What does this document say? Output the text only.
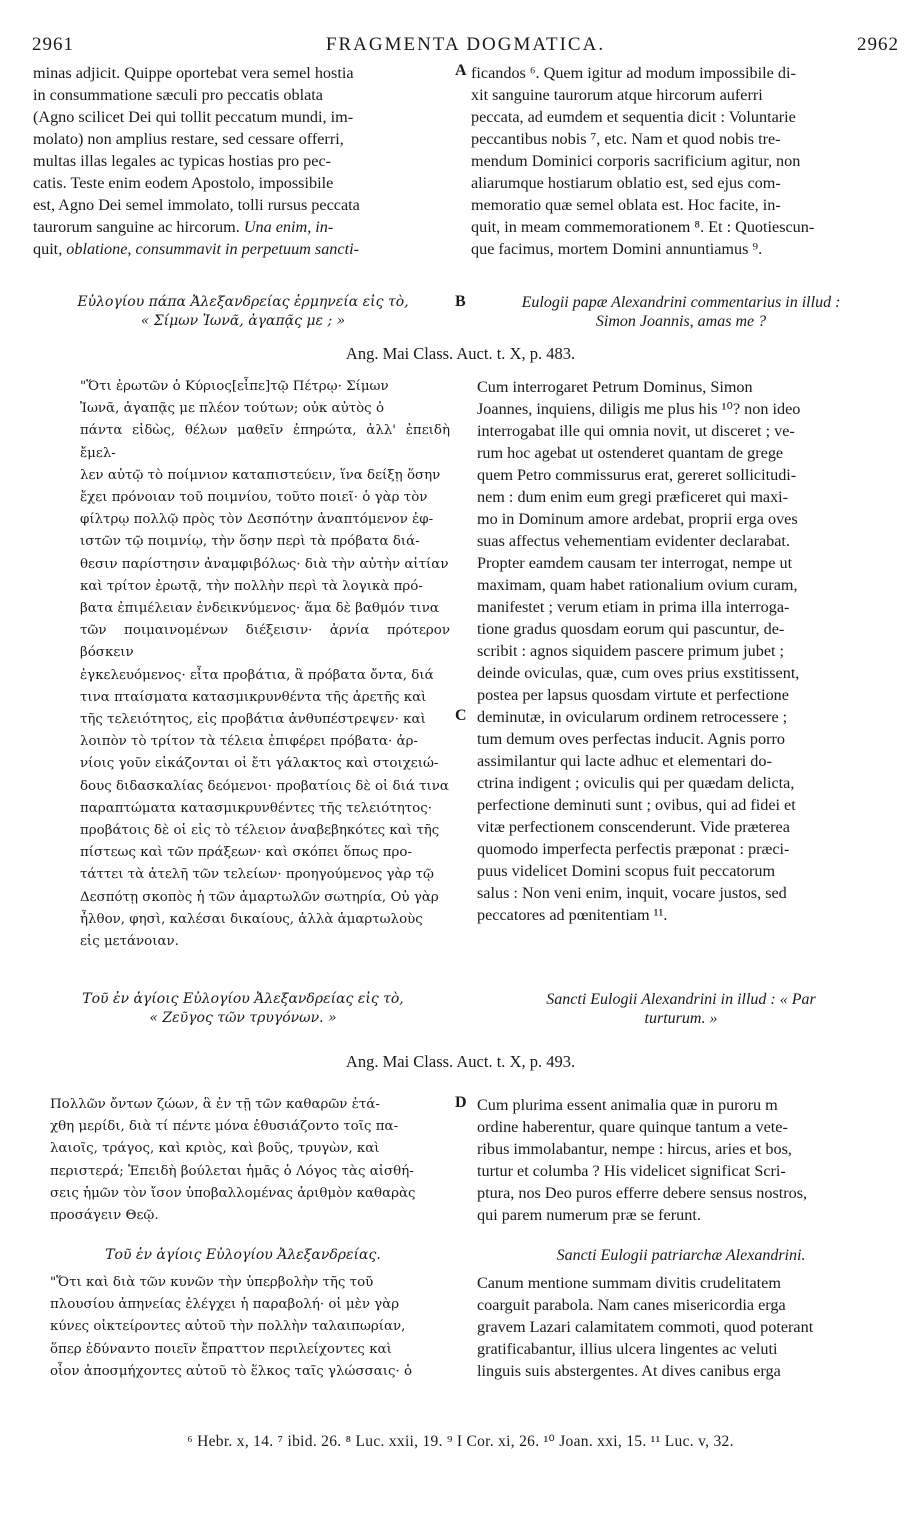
2961	FRAGMENTA DOGMATICA.	2962

minas adjicit. Quippe oportebat vera semel hostia

in consummatione sæculi pro peccatis oblata

(Agno scilicet Dei qui tollit peccatum mundi, im-

molato) non amplius restare, sed cessare offerri,

multas illas legales ac typicas hostias pro pec-

catis. Teste enim eodem Apostolo, impossibile

est, Agno Dei semel immolato, tolli rursus peccata

taurorum sanguine ac hircorum. Una enim, in-

quit, oblatione, consummavit in perpetuum sancti-

A ficandos ⁶. Quem igitur ad modum impossibile di-

xit sanguine taurorum atque hircorum auferri

peccata, ad eumdem et sequentia dicit : Voluntarie

peccantibus nobis ⁷, etc. Nam et quod nobis tre-

mendum Dominici corporis sacrificium agitur, non

aliarumque hostiarum oblatio est, sed ejus com-

memoratio quæ semel oblata est. Hoc facite, in-

quit, in meam commemorationem ⁸. Et : Quotiescun-

que facimus, mortem Domini annuntiamus ⁹.

Εὐλογίου πάπα Ἀλεξανδρείας ἑρμηνεία εἰς τὸ,
« Σίμων Ἰωνᾶ, ἀγαπᾷς με ; »
B	Eulogii papæ Alexandrini commentarius in illud :
Simon Joannis, amas me ?
Ang. Mai Class. Auct. t. X, p. 483.

"Ὅτι ἐρωτῶν ὁ Κύριος[εἶπε]τῷ Πέτρῳ· Σίμων

Ἰωνᾶ, ἀγαπᾷς με πλέον τούτων; οὐκ αὐτὸς ὁ

πάντα εἰδὼς, θέλων μαθεῖν ἐπηρώτα, ἀλλ' ἐπειδὴ ἔμελ-

λεν αὐτῷ τὸ ποίμνιον καταπιστεύειν, ἵνα δείξῃ ὅσην

ἔχει πρόνοιαν τοῦ ποιμνίου, τοῦτο ποιεῖ· ὁ γὰρ τὸν

φίλτρῳ πολλῷ πρὸς τὸν Δεσπότην ἀναπτόμενον ἐφ-

ιστῶν τῷ ποιμνίῳ, τὴν ὅσην περὶ τὰ πρόβατα διά-

θεσιν παρίστησιν ἀναμφιβόλως· διὰ τὴν αὐτὴν αἰτίαν

καὶ τρίτον ἐρωτᾷ, τὴν πολλὴν περὶ τὰ λογικὰ πρό-

βατα ἐπιμέλειαν ἐνδεικνύμενος· ἅμα δὲ βαθμόν τινα

τῶν ποιμαινομένων διέξεισιν· ἀρνία πρότερον βόσκειν

ἐγκελευόμενος· εἶτα προβάτια, ἃ πρόβατα ὄντα, διά

τινα πταίσματα κατασμικρυνθέντα τῆς ἀρετῆς καὶ

τῆς τελειότητος, εἰς προβάτια ἀνθυπέστρεψεν· καὶ

λοιπὸν τὸ τρίτον τὰ τέλεια ἐπιφέρει πρόβατα· ἀρ-

νίοις γοῦν εἰκάζονται οἱ ἔτι γάλακτος καὶ στοιχειώ-

δους διδασκαλίας δεόμενοι· προβατίοις δὲ οἱ διά τινα

παραπτώματα κατασμικρυνθέντες τῆς τελειότητος·

προβάτοις δὲ οἱ εἰς τὸ τέλειον ἀναβεβηκότες καὶ τῆς

πίστεως καὶ τῶν πράξεων· καὶ σκόπει ὅπως προ-

τάττει τὰ ἀτελῆ τῶν τελείων· προηγούμενος γὰρ τῷ

Δεσπότῃ σκοπὸς ἡ τῶν ἁμαρτωλῶν σωτηρία, Οὐ γὰρ

ἦλθον, φησὶ, καλέσαι δικαίους, ἀλλὰ ἁμαρτωλοὺς

εἰς μετάνοιαν.

C

Cum interrogaret Petrum Dominus, Simon

Joannes, inquiens, diligis me plus his ¹⁰? non ideo

interrogabat ille qui omnia novit, ut disceret ; ve-

rum hoc agebat ut ostenderet quantam de grege

quem Petro commissurus erat, gereret sollicitudi-

nem : dum enim eum gregi præficeret qui maxi-

mo in Dominum amore ardebat, proprii erga oves

suas affectus vehementiam evidenter declarabat.

Propter eamdem causam ter interrogat, nempe ut

maximam, quam habet rationalium ovium curam,

manifestet ; verum etiam in prima illa interroga-

tione gradus quosdam eorum qui pascuntur, de-

scribit : agnos siquidem pascere primum jubet ;

deinde oviculas, quæ, cum oves prius exstitissent,

postea per lapsus quosdam virtute et perfectione

deminutæ, in ovicularum ordinem retrocessere ;

tum demum oves perfectas inducit. Agnis porro

assimilantur qui lacte adhuc et elementari do-

ctrina indigent ; oviculis qui per quædam delicta,

perfectione deminuti sunt ; ovibus, qui ad fidei et

vitæ perfectionem conscenderunt. Vide præterea

quomodo imperfecta perfectis præponat : præci-

puus videlicet Domini scopus fuit peccatorum

salus : Non veni enim, inquit, vocare justos, sed

peccatores ad pœnitentiam ¹¹.

Τοῦ ἐν ἁγίοις Εὐλογίου Ἀλεξανδρείας εἰς τὸ,
« Ζεῦγος τῶν τρυγόνων. »
Sancti Eulogii Alexandrini in illud : « Par
turturum. »
Ang. Mai Class. Auct. t. X, p. 493.

Πολλῶν ὄντων ζώων, ἃ ἐν τῇ τῶν καθαρῶν ἐτά-

χθη μερίδι, διὰ τί πέντε μόνα ἐθυσιάζοντο τοῖς πα-

λαιοῖς, τράγος, καὶ κριὸς, καὶ βοῦς, τρυγὼν, καὶ

περιστερά; Ἐπειδὴ βούλεται ἡμᾶς ὁ Λόγος τὰς αἰσθή-

σεις ἡμῶν τὸν ἴσον ὑποβαλλομένας ἀριθμὸν καθαρὰς

προσάγειν Θεῷ.

D Cum plurima essent animalia quæ in puroru m

ordine haberentur, quare quinque tantum a vete-

ribus immolabantur, nempe : hircus, aries et bos,

turtur et columba ? His videlicet significat Scri-

ptura, nos Deo puros efferre debere sensus nostros,

qui parem numerum præ se ferunt.

Τοῦ ἐν ἁγίοις Εὐλογίου Ἀλεξανδρείας.	Sancti Eulogii patriarchæ Alexandrini.

"Ὅτι καὶ διὰ τῶν κυνῶν τὴν ὑπερβολὴν τῆς τοῦ

πλουσίου ἀπηνείας ἐλέγχει ἡ παραβολή· οἱ μὲν γὰρ

κύνες οἰκτείροντες αὐτοῦ τὴν πολλὴν ταλαιπωρίαν,

ὅπερ ἐδύναντο ποιεῖν ἔπραττον περιλείχοντες καὶ

οἷον ἀποσμήχοντες αὐτοῦ τὸ ἕλκος ταῖς γλώσσαις· ὁ

Canum mentione summam divitis crudelitatem

coarguit parabola. Nam canes misericordia erga

gravem Lazari calamitatem commoti, quod poterant

gratificabantur, illius ulcera lingentes ac veluti

linguis suis abstergentes. At dives canibus erga

⁶ Hebr. x, 14. ⁷ ibid. 26. ⁸ Luc. xxii, 19. ⁹ I Cor. xi, 26. ¹⁰ Joan. xxi, 15. ¹¹ Luc. v, 32.
